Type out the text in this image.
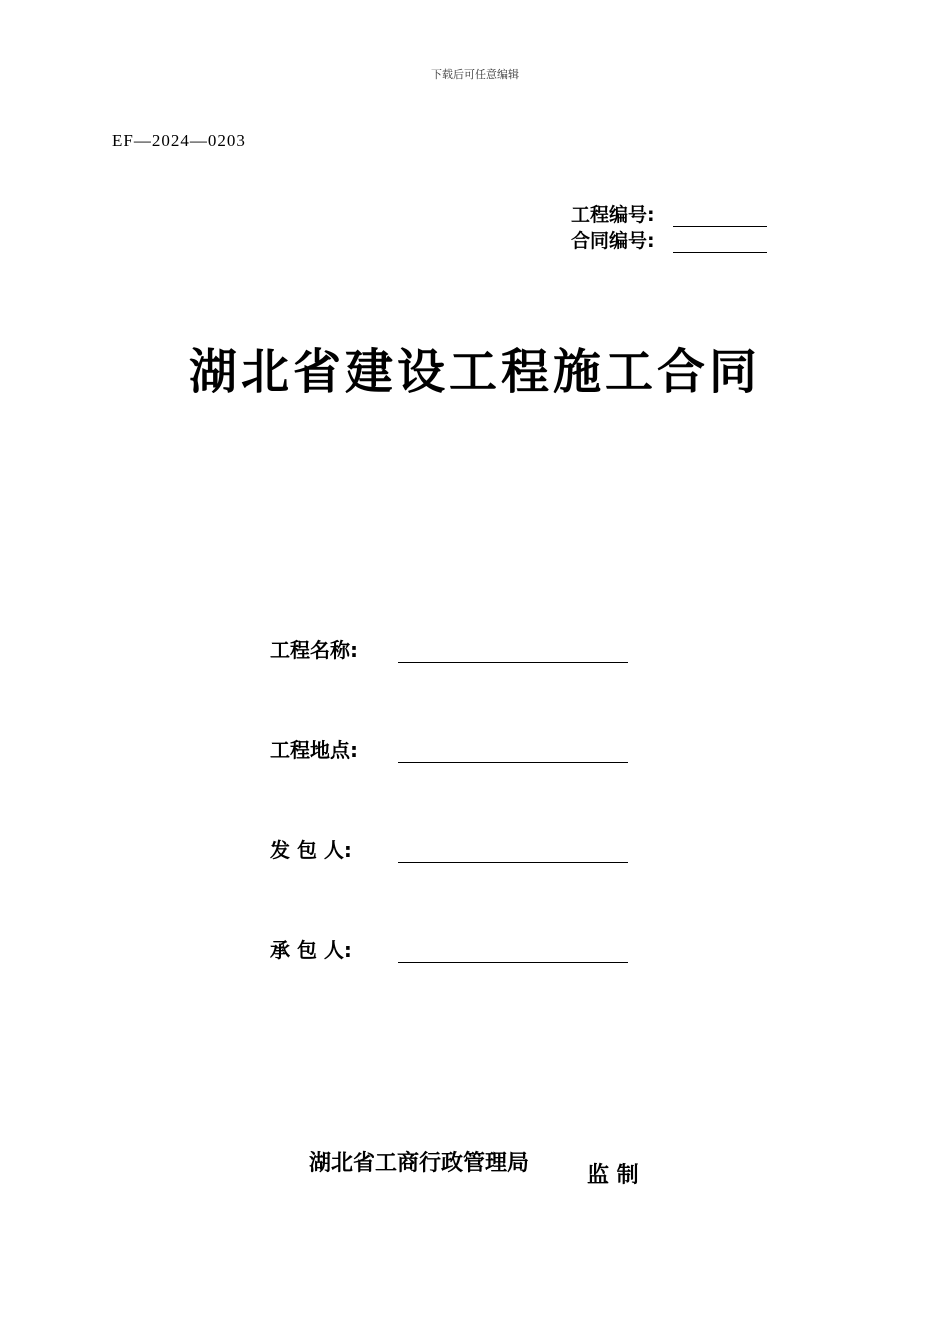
下载后可任意编辑
EF—2024—0203
工程编号:
合同编号:
湖北省建设工程施工合同
工程名称:
工程地点:
发 包 人:
承 包 人:
湖北省工商行政管理局	监 制
